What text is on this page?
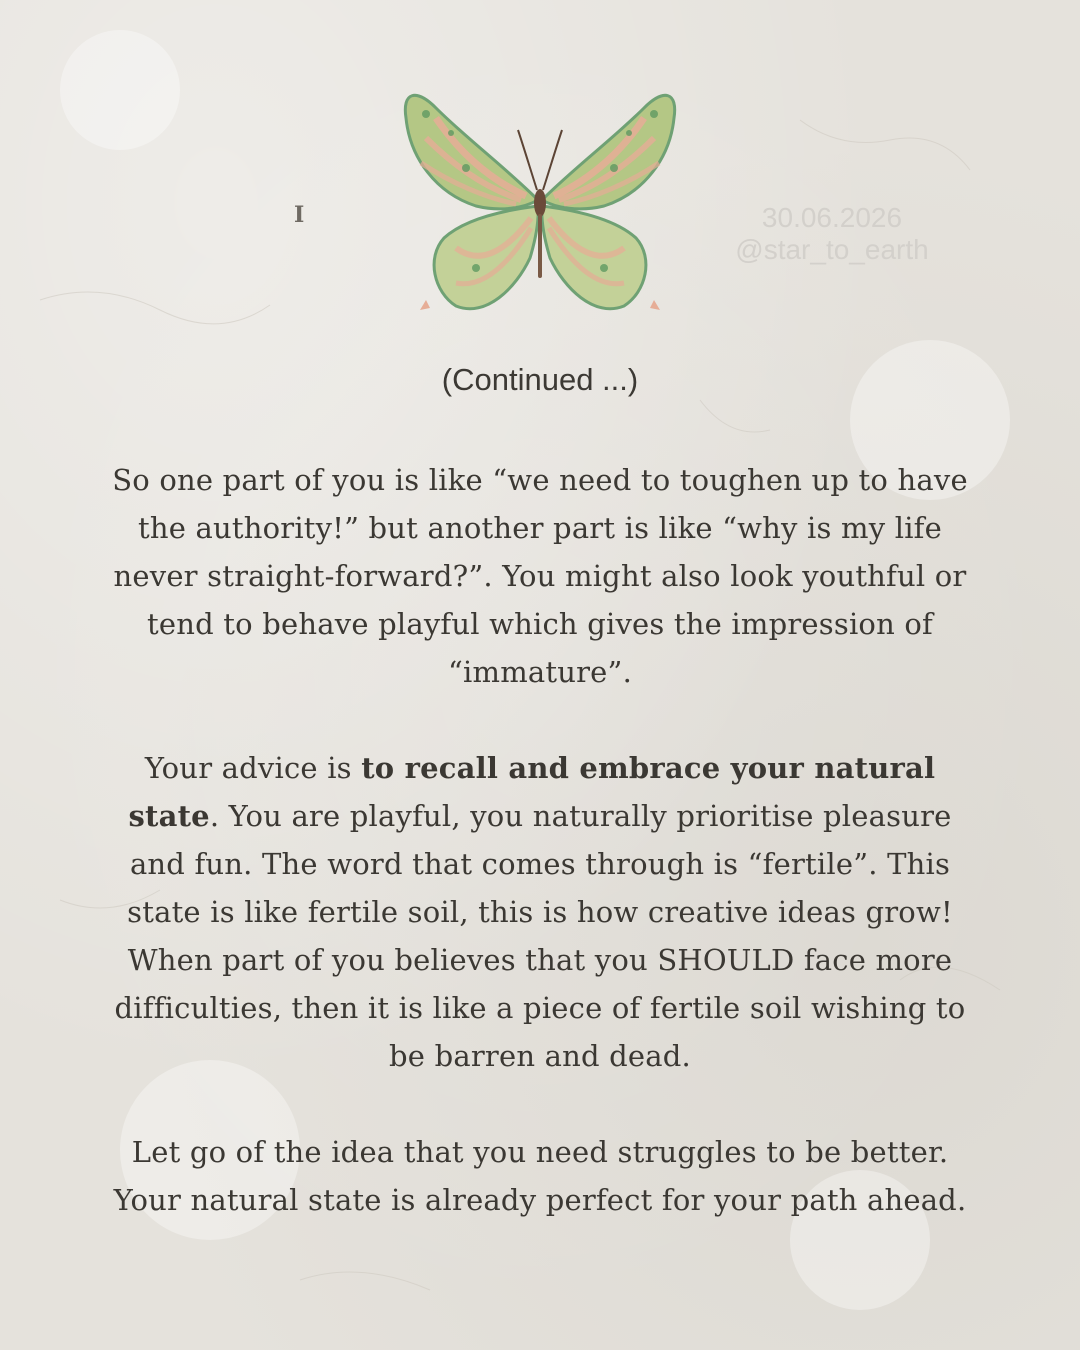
I	30.06.2026
@star_to_earth
(Continued ...)

So one part of you is like “we need to toughen up to have the authority!” but another part is like “why is my life never straight-forward?”. You might also look youthful or tend to behave playful which gives the impression of “immature”.

Your advice is to recall and embrace your natural state. You are playful, you naturally prioritise pleasure and fun. The word that comes through is “fertile”. This state is like fertile soil, this is how creative ideas grow! When part of you believes that you SHOULD face more difficulties, then it is like a piece of fertile soil wishing to be barren and dead.

Let go of the idea that you need struggles to be better. Your natural state is already perfect for your path ahead.
